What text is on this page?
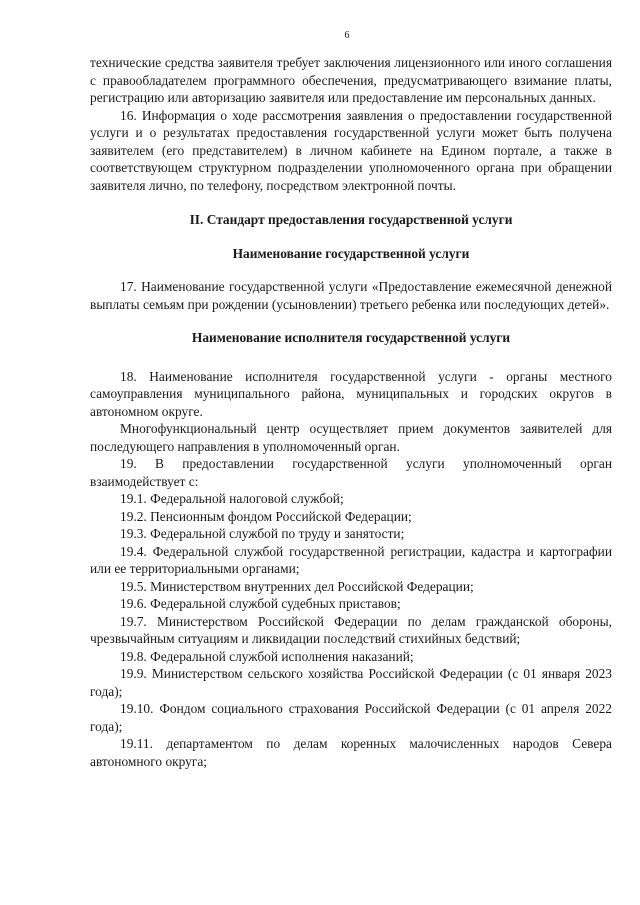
6

технические средства заявителя требует заключения лицензионного или иного соглашения с правообладателем программного обеспечения, предусматривающего взимание платы, регистрацию или авторизацию заявителя или предоставление им персональных данных.

16. Информация о ходе рассмотрения заявления о предоставлении государственной услуги и о результатах предоставления государственной услуги может быть получена заявителем (его представителем) в личном кабинете на Едином портале, а также в соответствующем структурном подразделении уполномоченного органа при обращении заявителя лично, по телефону, посредством электронной почты.

II. Стандарт предоставления государственной услуги

Наименование государственной услуги

17. Наименование государственной услуги «Предоставление ежемесячной денежной выплаты семьям при рождении (усыновлении) третьего ребенка или последующих детей».

Наименование исполнителя государственной услуги

18. Наименование исполнителя государственной услуги - органы местного самоуправления муниципального района, муниципальных и городских округов в автономном округе.

Многофункциональный центр осуществляет прием документов заявителей для последующего направления в уполномоченный орган.

19. В предоставлении государственной услуги уполномоченный орган взаимодействует с:

19.1. Федеральной налоговой службой;

19.2. Пенсионным фондом Российской Федерации;

19.3. Федеральной службой по труду и занятости;

19.4. Федеральной службой государственной регистрации, кадастра и картографии или ее территориальными органами;

19.5. Министерством внутренних дел Российской Федерации;

19.6. Федеральной службой судебных приставов;

19.7. Министерством Российской Федерации по делам гражданской обороны, чрезвычайным ситуациям и ликвидации последствий стихийных бедствий;

19.8. Федеральной службой исполнения наказаний;

19.9. Министерством сельского хозяйства Российской Федерации (с 01 января 2023 года);

19.10. Фондом социального страхования Российской Федерации (с 01 апреля 2022 года);

19.11. департаментом по делам коренных малочисленных народов Севера автономного округа;
